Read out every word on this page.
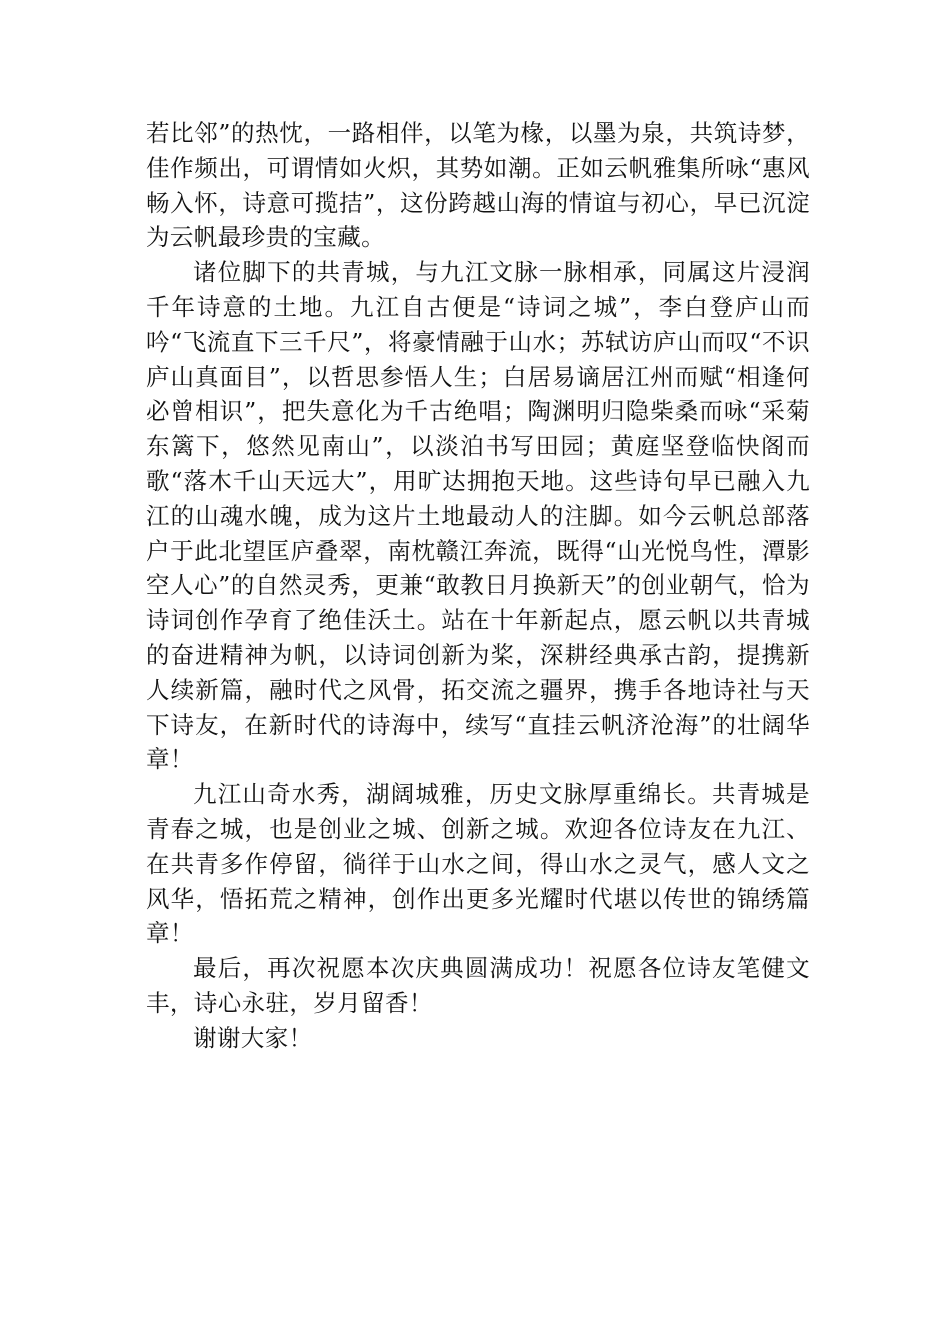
若比邻”的热忱，一路相伴，以笔为椽，以墨为泉，共筑诗梦，佳作频出，可谓情如火炽，其势如潮。正如云帆雅集所咏“惠风畅入怀，诗意可揽拮”，这份跨越山海的情谊与初心，早已沉淀为云帆最珍贵的宝藏。

诸位脚下的共青城，与九江文脉一脉相承，同属这片浸润千年诗意的土地。九江自古便是“诗词之城”，李白登庐山而吟“飞流直下三千尺”，将豪情融于山水；苏轼访庐山而叹“不识庐山真面目”，以哲思参悟人生；白居易谪居江州而赋“相逢何必曾相识”，把失意化为千古绝唱；陶渊明归隐柴桑而咏“采菊东篱下，悠然见南山”，以淡泊书写田园；黄庭坚登临快阁而歌“落木千山天远大”，用旷达拥抱天地。这些诗句早已融入九江的山魂水魄，成为这片土地最动人的注脚。如今云帆总部落户于此北望匡庐叠翠，南枕赣江奔流，既得“山光悦鸟性，潭影空人心”的自然灵秀，更兼“敢教日月换新天”的创业朝气，恰为诗词创作孕育了绝佳沃土。站在十年新起点，愿云帆以共青城的奋进精神为帆，以诗词创新为桨，深耕经典承古韵，提携新人续新篇，融时代之风骨，拓交流之疆界，携手各地诗社与天下诗友，在新时代的诗海中，续写“直挂云帆济沧海”的壮阔华章！

九江山奇水秀，湖阔城雅，历史文脉厚重绵长。共青城是青春之城，也是创业之城、创新之城。欢迎各位诗友在九江、在共青多作停留，徜徉于山水之间，得山水之灵气，感人文之风华，悟拓荒之精神，创作出更多光耀时代堪以传世的锦绣篇章！

最后，再次祝愿本次庆典圆满成功！祝愿各位诗友笔健文丰，诗心永驻，岁月留香！

谢谢大家！
